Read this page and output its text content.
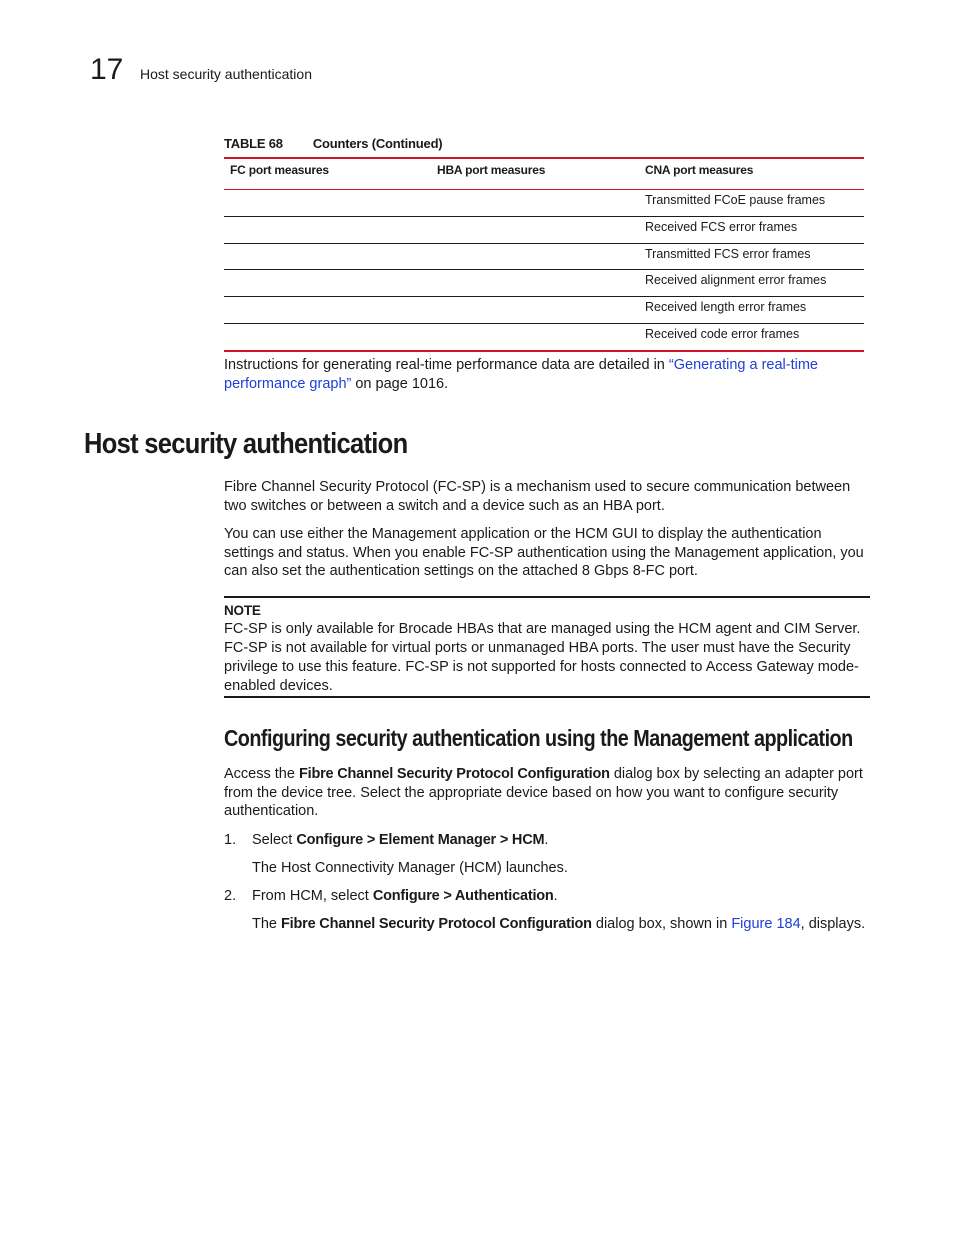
17 Host security authentication
TABLE 68 Counters (Continued)
FC port measures	HBA port measures	CNA port measures
		Transmitted FCoE pause frames
		Received FCS error frames
		Transmitted FCS error frames
		Received alignment error frames
		Received length error frames
		Received code error frames
Instructions for generating real-time performance data are detailed in “Generating a real-time performance graph” on page 1016.
Host security authentication
Fibre Channel Security Protocol (FC-SP) is a mechanism used to secure communication between two switches or between a switch and a device such as an HBA port.
You can use either the Management application or the HCM GUI to display the authentication settings and status. When you enable FC-SP authentication using the Management application, you can also set the authentication settings on the attached 8 Gbps 8-FC port.
NOTE
FC-SP is only available for Brocade HBAs that are managed using the HCM agent and CIM Server. FC-SP is not available for virtual ports or unmanaged HBA ports. The user must have the Security privilege to use this feature. FC-SP is not supported for hosts connected to Access Gateway mode-enabled devices.
Configuring security authentication using the Management application
Access the Fibre Channel Security Protocol Configuration dialog box by selecting an adapter port from the device tree. Select the appropriate device based on how you want to configure security authentication.
1. Select Configure > Element Manager > HCM.
The Host Connectivity Manager (HCM) launches.
2. From HCM, select Configure > Authentication.
The Fibre Channel Security Protocol Configuration dialog box, shown in Figure 184, displays.
